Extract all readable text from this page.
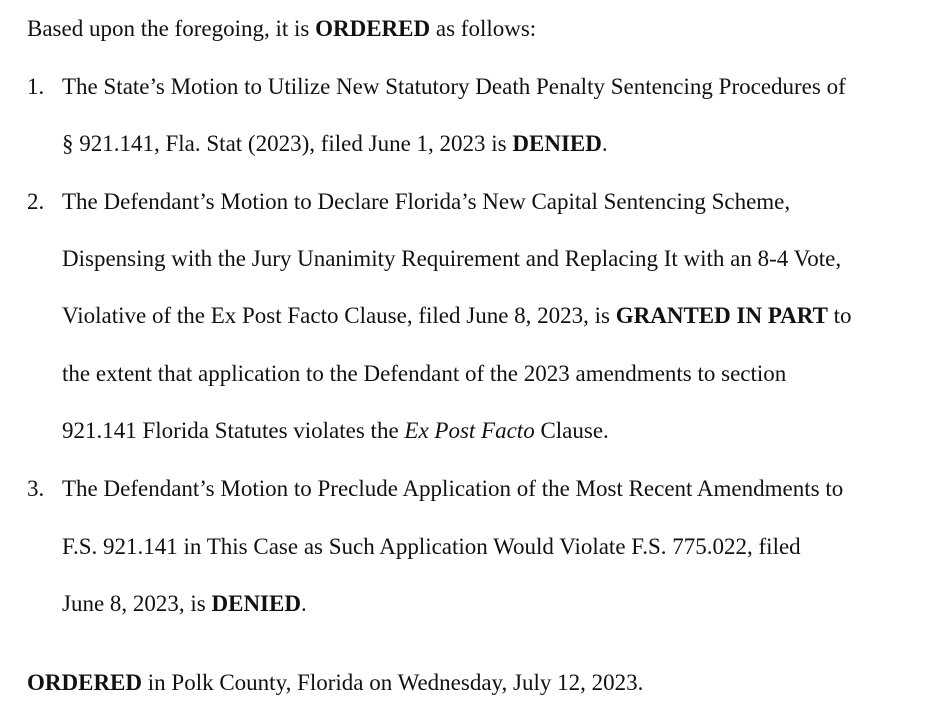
Based upon the foregoing, it is ORDERED as follows:
1. The State’s Motion to Utilize New Statutory Death Penalty Sentencing Procedures of
§ 921.141, Fla. Stat (2023), filed June 1, 2023 is DENIED.
2. The Defendant’s Motion to Declare Florida’s New Capital Sentencing Scheme,
Dispensing with the Jury Unanimity Requirement and Replacing It with an 8-4 Vote,
Violative of the Ex Post Facto Clause, filed June 8, 2023, is GRANTED IN PART to
the extent that application to the Defendant of the 2023 amendments to section
921.141 Florida Statutes violates the Ex Post Facto Clause.
3. The Defendant’s Motion to Preclude Application of the Most Recent Amendments to
F.S. 921.141 in This Case as Such Application Would Violate F.S. 775.022, filed
June 8, 2023, is DENIED.
ORDERED in Polk County, Florida on Wednesday, July 12, 2023.
